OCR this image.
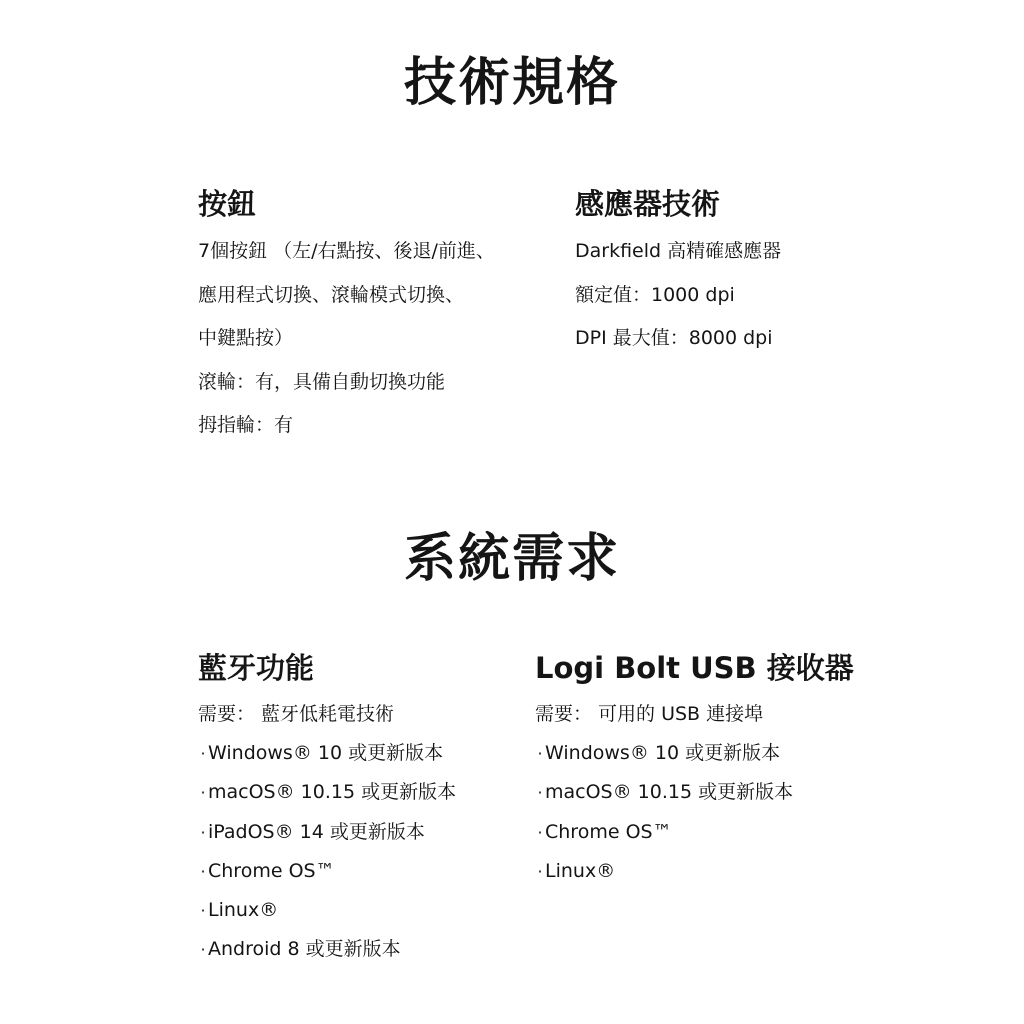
技術規格
按鈕

7個按鈕 （左/右點按、後退/前進、

應用程式切換、滾輪模式切換、

中鍵點按）

滾輪：有，具備自動切換功能

拇指輪：有

感應器技術

Darkfield 高精確感應器

額定值：1000 dpi

DPI 最大值：8000 dpi

系統需求
藍牙功能

需要： 藍牙低耗電技術

· Windows® 10 或更新版本

· macOS® 10.15 或更新版本

· iPadOS® 14 或更新版本

· Chrome OS™

· Linux®

· Android 8 或更新版本

Logi Bolt USB 接收器

需要： 可用的 USB 連接埠

· Windows® 10 或更新版本

· macOS® 10.15 或更新版本

· Chrome OS™

· Linux®
